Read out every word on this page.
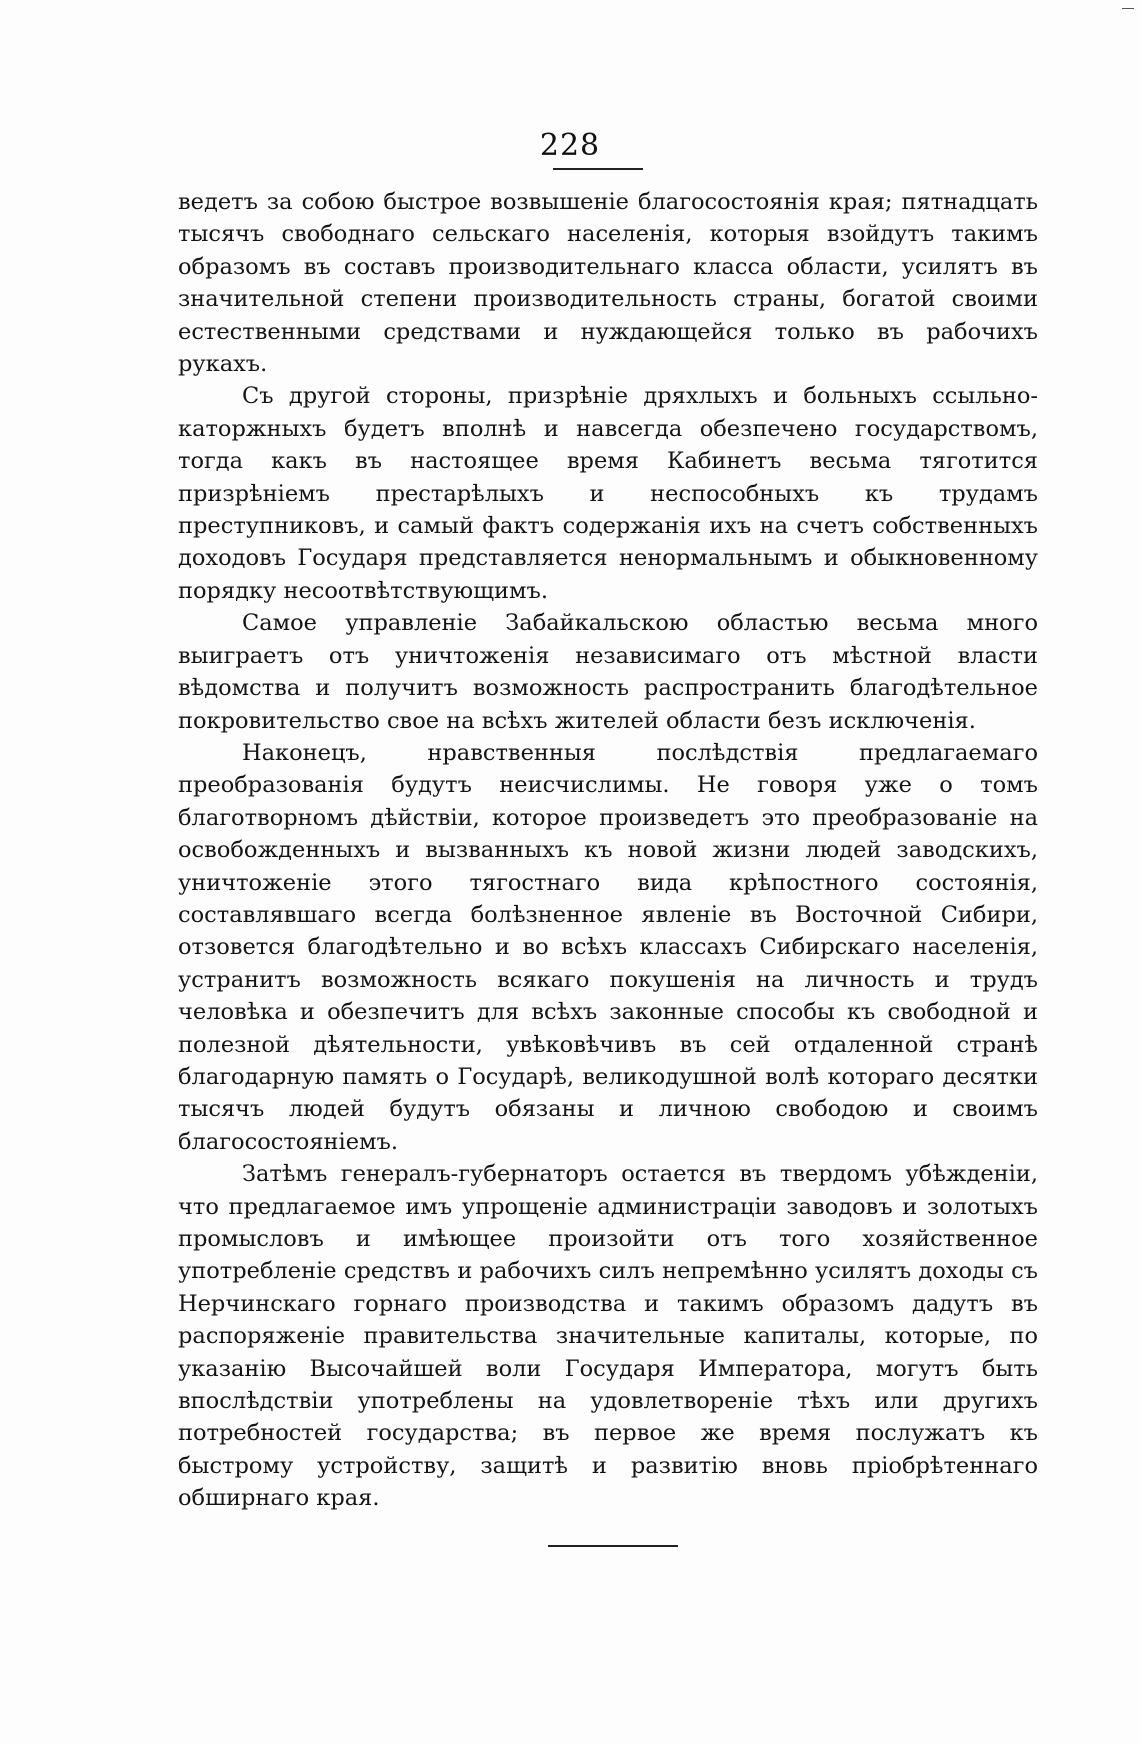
228

ведетъ за собою быстрое возвышеніе благосостоянія края; пятнадцать тысячъ свободнаго сельскаго населенія, которыя взойдутъ такимъ образомъ въ составъ производительнаго класса области, усилятъ въ значительной степени производительность страны, богатой своими естественными средствами и нуждающейся только въ рабочихъ рукахъ.

Съ другой стороны, призрѣніе дряхлыхъ и больныхъ ссыльно-каторжныхъ будетъ вполнѣ и навсегда обезпечено государствомъ, тогда какъ въ настоящее время Кабинетъ весьма тяготится призрѣніемъ престарѣлыхъ и неспособныхъ къ трудамъ преступниковъ, и самый фактъ содержанія ихъ на счетъ собственныхъ доходовъ Государя представляется ненормальнымъ и обыкновенному порядку несоотвѣтствующимъ.

Самое управленіе Забайкальскою областью весьма много выиграетъ отъ уничтоженія независимаго отъ мѣстной власти вѣдомства и получитъ возможность распространить благодѣтельное покровительство свое на всѣхъ жителей области безъ исключенія.

Наконецъ, нравственныя послѣдствія предлагаемаго преобразованія будутъ неисчислимы. Не говоря уже о томъ благотворномъ дѣйствіи, которое произведетъ это преобразованіе на освобожденныхъ и вызванныхъ къ новой жизни людей заводскихъ, уничтоженіе этого тягостнаго вида крѣпостного состоянія, составлявшаго всегда болѣзненное явленіе въ Восточной Сибири, отзовется благодѣтельно и во всѣхъ классахъ Сибирскаго населенія, устранитъ возможность всякаго покушенія на личность и трудъ человѣка и обезпечитъ для всѣхъ законные способы къ свободной и полезной дѣятельности, увѣковѣчивъ въ сей отдаленной странѣ благодарную память о Государѣ, великодушной волѣ котораго десятки тысячъ людей будутъ обязаны и личною свободою и своимъ благосостояніемъ.

Затѣмъ генералъ-губернаторъ остается въ твердомъ убѣжденіи, что предлагаемое имъ упрощеніе администраціи заводовъ и золотыхъ промысловъ и имѣющее произойти отъ того хозяйственное употребленіе средствъ и рабочихъ силъ непремѣнно усилятъ доходы съ Нерчинскаго горнаго производства и такимъ образомъ дадутъ въ распоряженіе правительства значительные капиталы, которые, по указанію Высочайшей воли Государя Императора, могутъ быть впослѣдствіи употреблены на удовлетвореніе тѣхъ или другихъ потребностей государства; въ первое же время послужатъ къ быстрому устройству, защитѣ и развитію вновь пріобрѣтеннаго обширнаго края.
